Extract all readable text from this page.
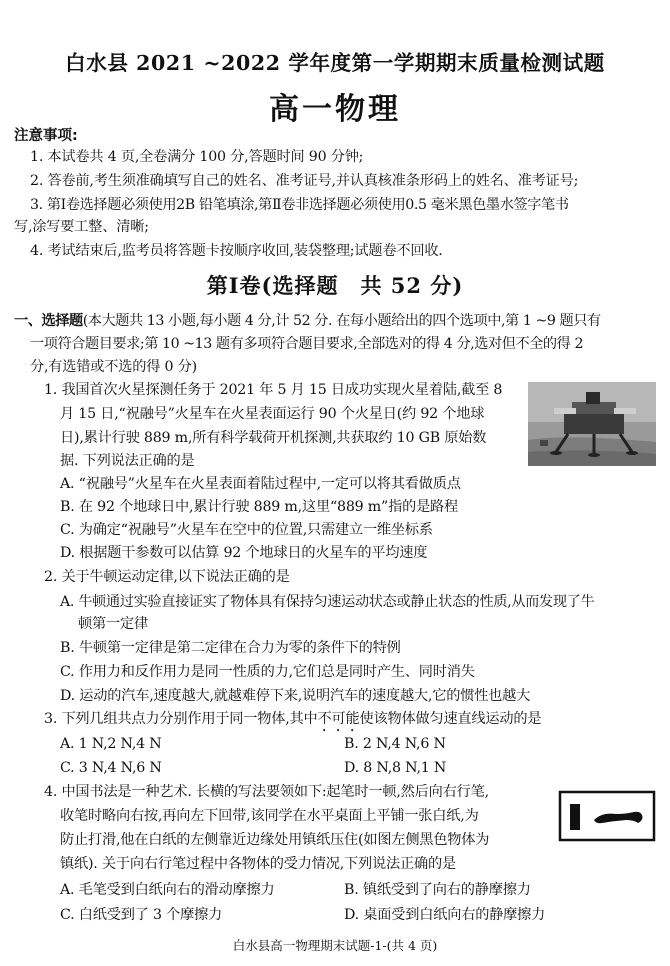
白水县 2021 ~2022 学年度第一学期期末质量检测试题
高一物理
注意事项:
1. 本试卷共 4 页,全卷满分 100 分,答题时间 90 分钟;
2. 答卷前,考生须准确填写自己的姓名、准考证号,并认真核准条形码上的姓名、准考证号;
3. 第Ⅰ卷选择题必须使用2B 铅笔填涂,第Ⅱ卷非选择题必须使用0.5 毫米黑色墨水签字笔书
写,涂写要工整、清晰;
4. 考试结束后,监考员将答题卡按顺序收回,装袋整理;试题卷不回收.
第Ⅰ卷(选择题　共 52 分)
一、选择题(本大题共 13 小题,每小题 4 分,计 52 分. 在每小题给出的四个选项中,第 1 ~9 题只有
一项符合题目要求;第 10 ~13 题有多项符合题目要求,全部选对的得 4 分,选对但不全的得 2
分,有选错或不选的得 0 分)
1. 我国首次火星探测任务于 2021 年 5 月 15 日成功实现火星着陆,截至 8
月 15 日,“祝融号”火星车在火星表面运行 90 个火星日(约 92 个地球
日),累计行驶 889 m,所有科学载荷开机探测,共获取约 10 GB 原始数
据. 下列说法正确的是
A. “祝融号”火星车在火星表面着陆过程中,一定可以将其看做质点
B. 在 92 个地球日中,累计行驶 889 m,这里“889 m”指的是路程
C. 为确定“祝融号”火星车在空中的位置,只需建立一维坐标系
D. 根据题干参数可以估算 92 个地球日的火星车的平均速度
2. 关于牛顿运动定律,以下说法正确的是
A. 牛顿通过实验直接证实了物体具有保持匀速运动状态或静止状态的性质,从而发现了牛
顿第一定律
B. 牛顿第一定律是第二定律在合力为零的条件下的特例
C. 作用力和反作用力是同一性质的力,它们总是同时产生、同时消失
D. 运动的汽车,速度越大,就越难停下来,说明汽车的速度越大,它的惯性也越大
3. 下列几组共点力分别作用于同一物体,其中不可能使该物体做匀速直线运动的是
A. 1 N,2 N,4 N	B. 2 N,4 N,6 N
C. 3 N,4 N,6 N	D. 8 N,8 N,1 N
4. 中国书法是一种艺术. 长横的写法要领如下:起笔时一顿,然后向右行笔,
收笔时略向右按,再向左下回带,该同学在水平桌面上平铺一张白纸,为
防止打滑,他在白纸的左侧靠近边缘处用镇纸压住(如图左侧黑色物体为
镇纸). 关于向右行笔过程中各物体的受力情况,下列说法正确的是
A. 毛笔受到白纸向右的滑动摩擦力	B. 镇纸受到了向右的静摩擦力
C. 白纸受到了 3 个摩擦力	D. 桌面受到白纸向右的静摩擦力
白水县高一物理期末试题-1-(共 4 页)
